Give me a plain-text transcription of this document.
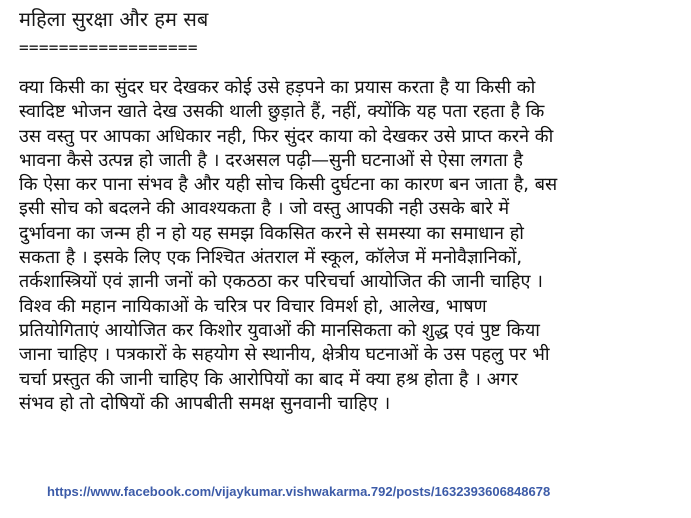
महिला सुरक्षा और हम सब
==================
क्या किसी का सुंदर घर देखकर कोई उसे हड़पने का प्रयास करता है या किसी को
स्वादिष्ट भोजन खाते देख उसकी थाली छुड़ाते हैं, नहीं, क्योंकि यह पता रहता है कि
उस वस्तु पर आपका अधिकार नही, फिर सुंदर काया को देखकर उसे प्राप्त करने की
भावना कैसे उत्पन्न हो जाती है । दरअसल पढ़ी—सुनी घटनाओं से ऐसा लगता है
कि ऐसा कर पाना संभव है और यही सोच किसी दुर्घटना का कारण बन जाता है, बस
इसी सोच को बदलने की आवश्यकता है । जो वस्तु आपकी नही उसके बारे में
दुर्भावना का जन्म ही न हो यह समझ विकसित करने से समस्या का समाधान हो
सकता है । इसके लिए एक निश्चित अंतराल में स्कूल, कॉलेज में मनोवैज्ञानिकों,
तर्कशास्त्रियों एवं ज्ञानी जनों को एकठठा कर परिचर्चा आयोजित की जानी चाहिए ।
विश्व की महान नायिकाओं के चरित्र पर विचार विमर्श हो, आलेख, भाषण
प्रतियोगिताएं आयोजित कर किशोर युवाओं की मानसिकता को शुद्ध एवं पुष्ट किया
जाना चाहिए । पत्रकारों के सहयोग से स्थानीय, क्षेत्रीय घटनाओं के उस पहलु पर भी
चर्चा प्रस्तुत की जानी चाहिए कि आरोपियों का बाद में क्या हश्र होता है । अगर
संभव हो तो दोषियों की आपबीती समक्ष सुनवानी चाहिए ।
https://www.facebook.com/vijaykumar.vishwakarma.792/posts/1632393606848678
